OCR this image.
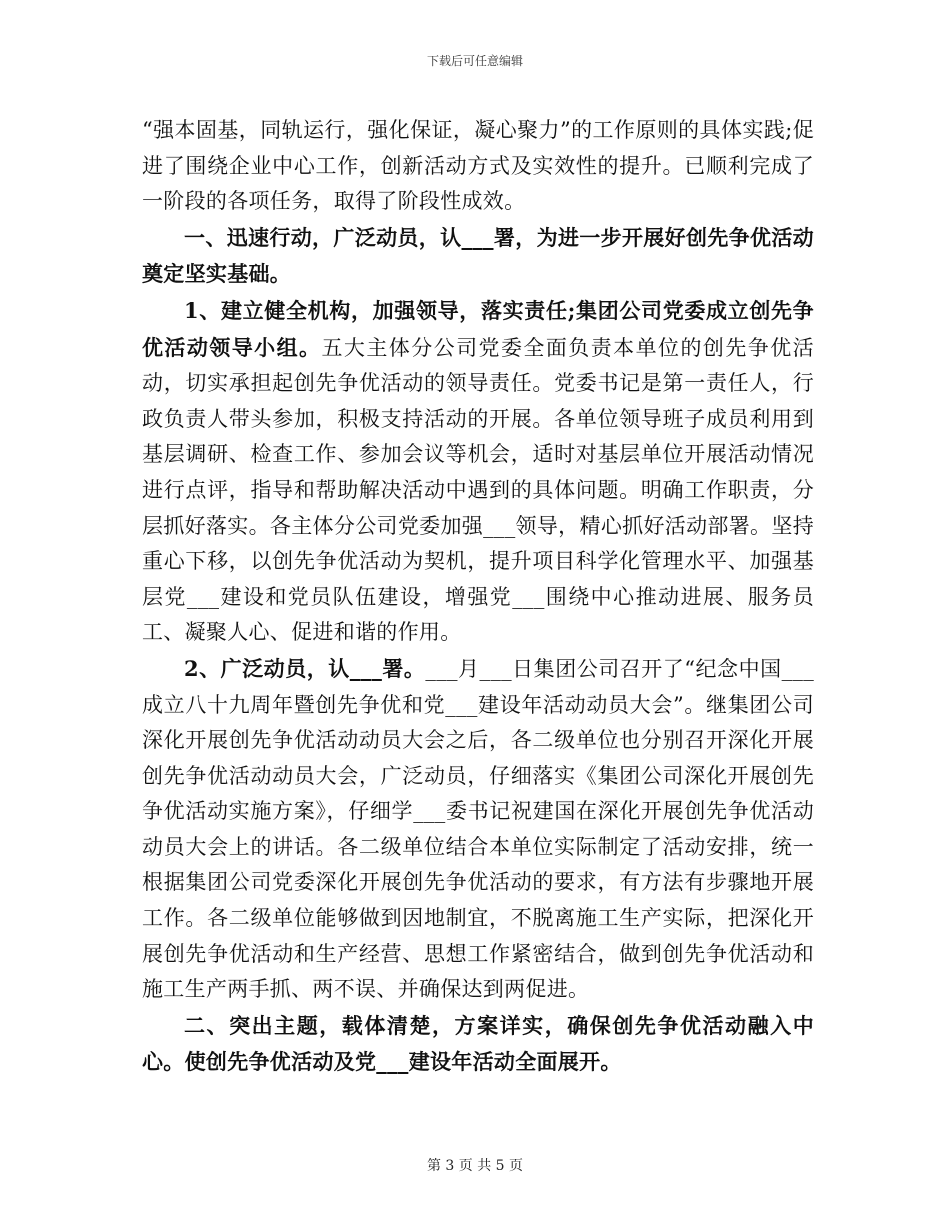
下载后可任意编辑

“强本固基，同轨运行，强化保证，凝心聚力”的工作原则的具体实践;促进了围绕企业中心工作，创新活动方式及实效性的提升。已顺利完成了一阶段的各项任务，取得了阶段性成效。

一、迅速行动，广泛动员，认___署，为进一步开展好创先争优活动奠定坚实基础。

1、建立健全机构，加强领导，落实责任;集团公司党委成立创先争优活动领导小组。五大主体分公司党委全面负责本单位的创先争优活动，切实承担起创先争优活动的领导责任。党委书记是第一责任人，行政负责人带头参加，积极支持活动的开展。各单位领导班子成员利用到基层调研、检查工作、参加会议等机会，适时对基层单位开展活动情况进行点评，指导和帮助解决活动中遇到的具体问题。明确工作职责，分层抓好落实。各主体分公司党委加强___领导，精心抓好活动部署。坚持重心下移，以创先争优活动为契机，提升项目科学化管理水平、加强基层党___建设和党员队伍建设，增强党___围绕中心推动进展、服务员工、凝聚人心、促进和谐的作用。

2、广泛动员，认___署。___月___日集团公司召开了“纪念中国___成立八十九周年暨创先争优和党___建设年活动动员大会”。继集团公司深化开展创先争优活动动员大会之后，各二级单位也分别召开深化开展创先争优活动动员大会，广泛动员，仔细落实《集团公司深化开展创先争优活动实施方案》，仔细学___委书记祝建国在深化开展创先争优活动动员大会上的讲话。各二级单位结合本单位实际制定了活动安排，统一根据集团公司党委深化开展创先争优活动的要求，有方法有步骤地开展工作。各二级单位能够做到因地制宜，不脱离施工生产实际，把深化开展创先争优活动和生产经营、思想工作紧密结合，做到创先争优活动和施工生产两手抓、两不误、并确保达到两促进。

二、突出主题，载体清楚，方案详实，确保创先争优活动融入中心。使创先争优活动及党___建设年活动全面展开。

第 3 页 共 5 页
